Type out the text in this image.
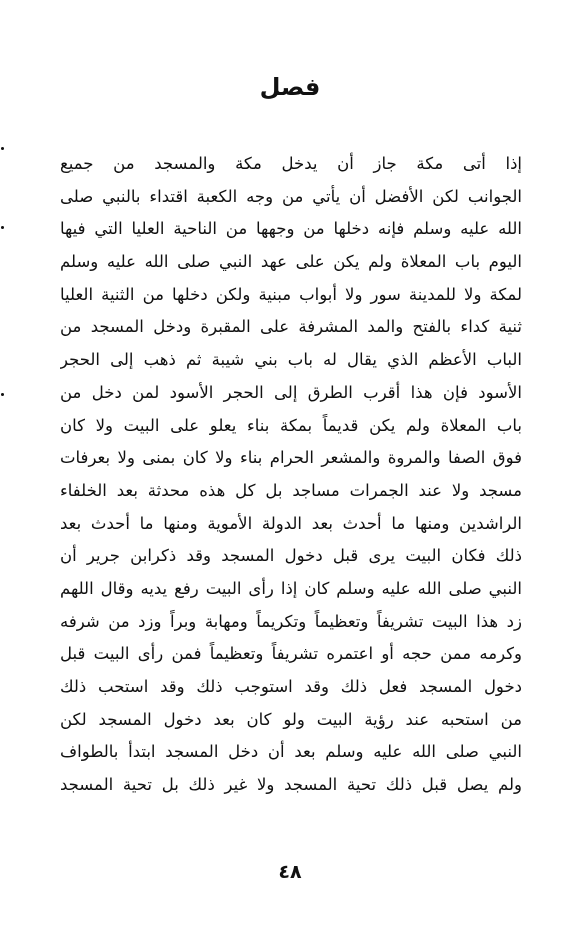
فصل
إذا أتى مكة جاز أن يدخل مكة والمسجد من جميع
الجوانب لكن الأفضل أن يأتي من وجه الكعبة اقتداء بالنبي صلى
الله عليه وسلم فإنه دخلها من وجهها من الناحية العليا التي فيها
اليوم باب المعلاة ولم يكن على عهد النبي صلى الله عليه وسلم
لمكة ولا للمدينة سور ولا أبواب مبنية ولكن دخلها من الثنية العليا
ثنية كداء بالفتح والمد المشرفة على المقبرة ودخل المسجد من
الباب الأعظم الذي يقال له باب بني شيبة ثم ذهب إلى الحجر
الأسود فإن هذا أقرب الطرق إلى الحجر الأسود لمن دخل من
باب المعلاة ولم يكن قديماً بمكة بناء يعلو على البيت ولا كان
فوق الصفا والمروة والمشعر الحرام بناء ولا كان بمنى ولا بعرفات
مسجد ولا عند الجمرات مساجد بل كل هذه محدثة بعد الخلفاء
الراشدين ومنها ما أحدث بعد الدولة الأموية ومنها ما أحدث بعد
ذلك فكان البيت يرى قبل دخول المسجد وقد ذكرابن جرير أن
النبي صلى الله عليه وسلم كان إذا رأى البيت رفع يديه وقال اللهم
زد هذا البيت تشريفاً وتعظيماً وتكريماً ومهابة وبراً وزد من شرفه
وكرمه ممن حجه أو اعتمره تشريفاً وتعظيماً فمن رأى البيت قبل
دخول المسجد فعل ذلك وقد استوجب ذلك وقد استحب ذلك
من استحبه عند رؤية البيت ولو كان بعد دخول المسجد لكن
النبي صلى الله عليه وسلم بعد أن دخل المسجد ابتدأ بالطواف
ولم يصل قبل ذلك تحية المسجد ولا غير ذلك بل تحية المسجد
٤٨
